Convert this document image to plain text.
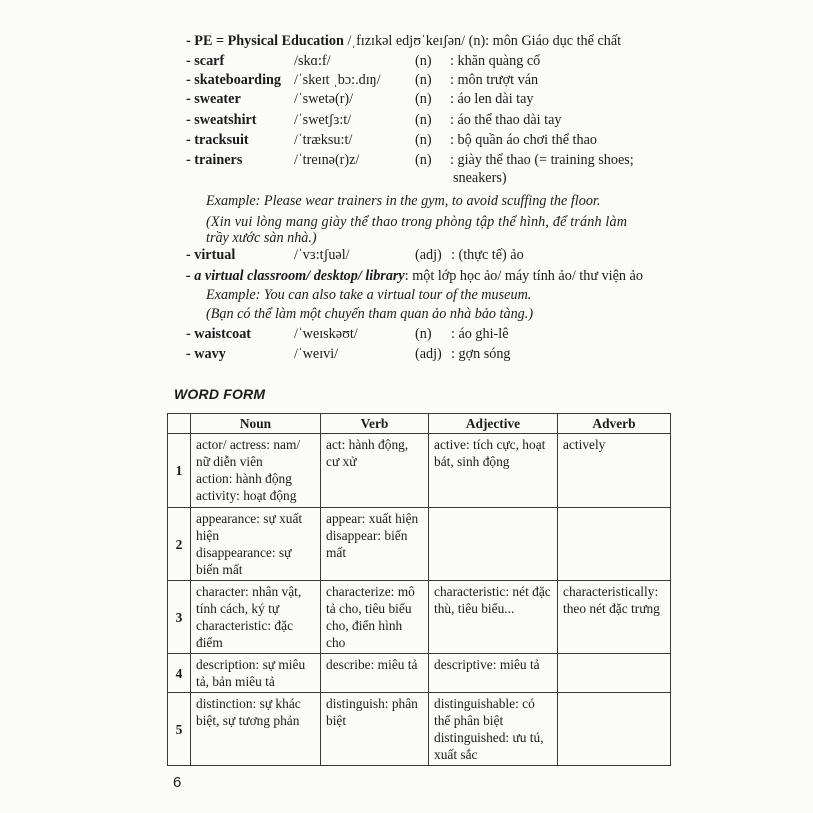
- PE = Physical Education /ˌfɪzɪkəl edjʊˈkeɪʃən/ (n): môn Giáo dục thể chất
- scarf	/skɑ:f/	(n) : khăn quàng cổ
- skateboarding /ˈskeɪt ˌbɔ:.dɪŋ/ (n) : môn trượt ván
- sweater	/ˈswetə(r)/	(n) : áo len dài tay
- sweatshirt	/ˈswetʃɜ:t/	(n) : áo thể thao dài tay
- tracksuit	/ˈtræksu:t/	(n) : bộ quần áo chơi thể thao
- trainers	/ˈtreɪnə(r)z/	(n) : giày thể thao (= training shoes;
sneakers)
Example: Please wear trainers in the gym, to avoid scuffing the floor.
(Xin vui lòng mang giày thể thao trong phòng tập thể hình, để tránh làm
trầy xước sàn nhà.)
- virtual	/ˈvɜ:tʃuəl/	(adj) : (thực tế) ảo
- a virtual classroom/ desktop/ library: một lớp học ảo/ máy tính ảo/ thư viện ảo
Example: You can also take a virtual tour of the museum.
(Bạn có thể làm một chuyến tham quan ảo nhà bảo tàng.)
- waistcoat	/ˈweɪskəʊt/	(n) : áo ghi-lê
- wavy	/ˈweɪvi/	(adj) : gợn sóng
WORD FORM
	Noun	Verb	Adjective	Adverb
1	actor/ actress: nam/ nữ diễn viên
action: hành động
activity: hoạt động	act: hành động, cư xử	active: tích cực, hoạt bát, sinh động	actively

2	appearance: sự xuất hiện
disappearance: sự biến mất	appear: xuất hiện
disappear: biến mất		

3	character: nhân vật, tính cách, ký tự
characteristic: đặc điểm	characterize: mô tả cho, tiêu biểu cho, điển hình cho	characteristic: nét đặc thù, tiêu biểu...	characteristically: theo nét đặc trưng

4	description: sự miêu tả, bản miêu tả	describe: miêu tả	descriptive: miêu tả	

5	distinction: sự khác biệt, sự tương phản	distinguish: phân biệt	distinguishable: có thể phân biệt
distinguished: ưu tú, xuất sắc	

6
